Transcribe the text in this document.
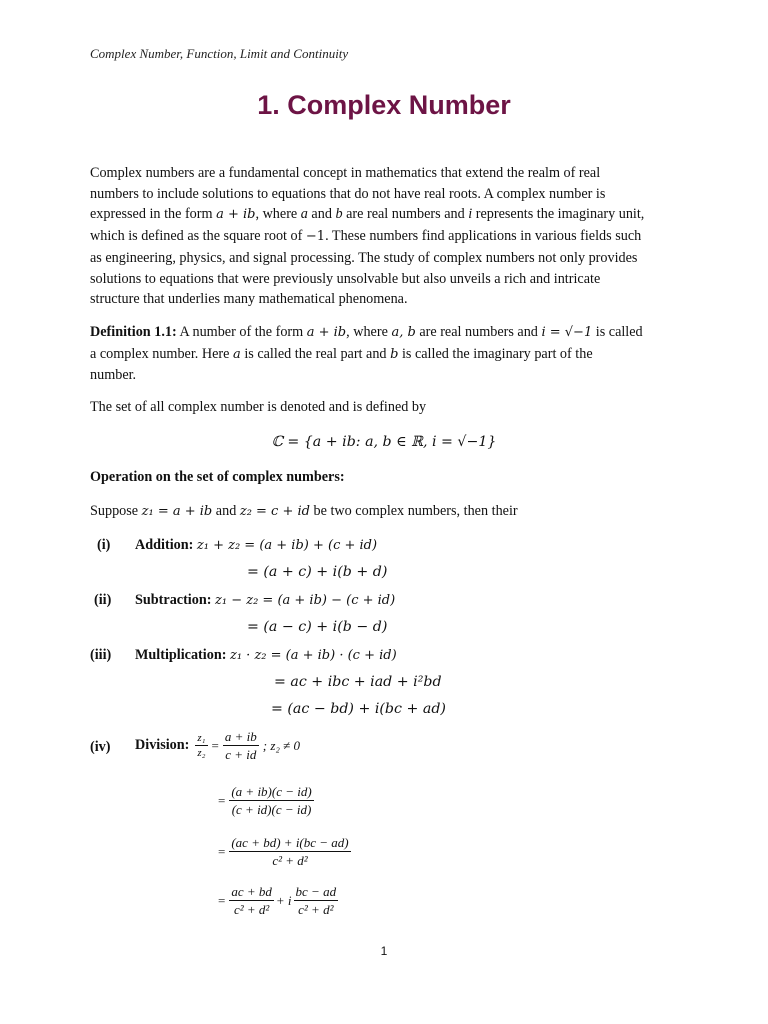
Complex Number, Function, Limit and Continuity
1. Complex Number
Complex numbers are a fundamental concept in mathematics that extend the realm of real
numbers to include solutions to equations that do not have real roots. A complex number is
expressed in the form a + ib, where a and b are real numbers and i represents the imaginary unit,
which is defined as the square root of −1. These numbers find applications in various fields such
as engineering, physics, and signal processing. The study of complex numbers not only provides
solutions to equations that were previously unsolvable but also unveils a rich and intricate
structure that underlies many mathematical phenomena.
Definition 1.1: A number of the form a + ib, where a, b are real numbers and i = √−1 is called
a complex number. Here a is called the real part and b is called the imaginary part of the
number.
The set of all complex number is denoted and is defined by
ℂ = {a + ib: a, b ∈ ℝ, i = √−1}
Operation on the set of complex numbers:
Suppose z₁ = a + ib and z₂ = c + id be two complex numbers, then their
(i) Addition: z₁ + z₂ = (a + ib) + (c + id)
= (a + c) + i(b + d)
(ii) Subtraction: z₁ − z₂ = (a + ib) − (c + id)
= (a − c) + i(b − d)
(iii) Multiplication: z₁ · z₂ = (a + ib) · (c + id)
= ac + ibc + iad + i²bd
= (ac − bd) + i(bc + ad)
(iv) Division: $\frac{\text{z₁}}{\text{z₂}} = \frac{a + ib}{c + id}$ ; z₂ ≠ 0
= $\frac{(a + ib)(c - id)}{(c + id)(c - id)}$
= $\frac{(ac + bd) + i(bc - ad)}{\text{c² + d²}}$
= $\frac{ac + bd}{\text{c² + d²}} + i \frac{bc - ad}{\text{c² + d²}}$
1
